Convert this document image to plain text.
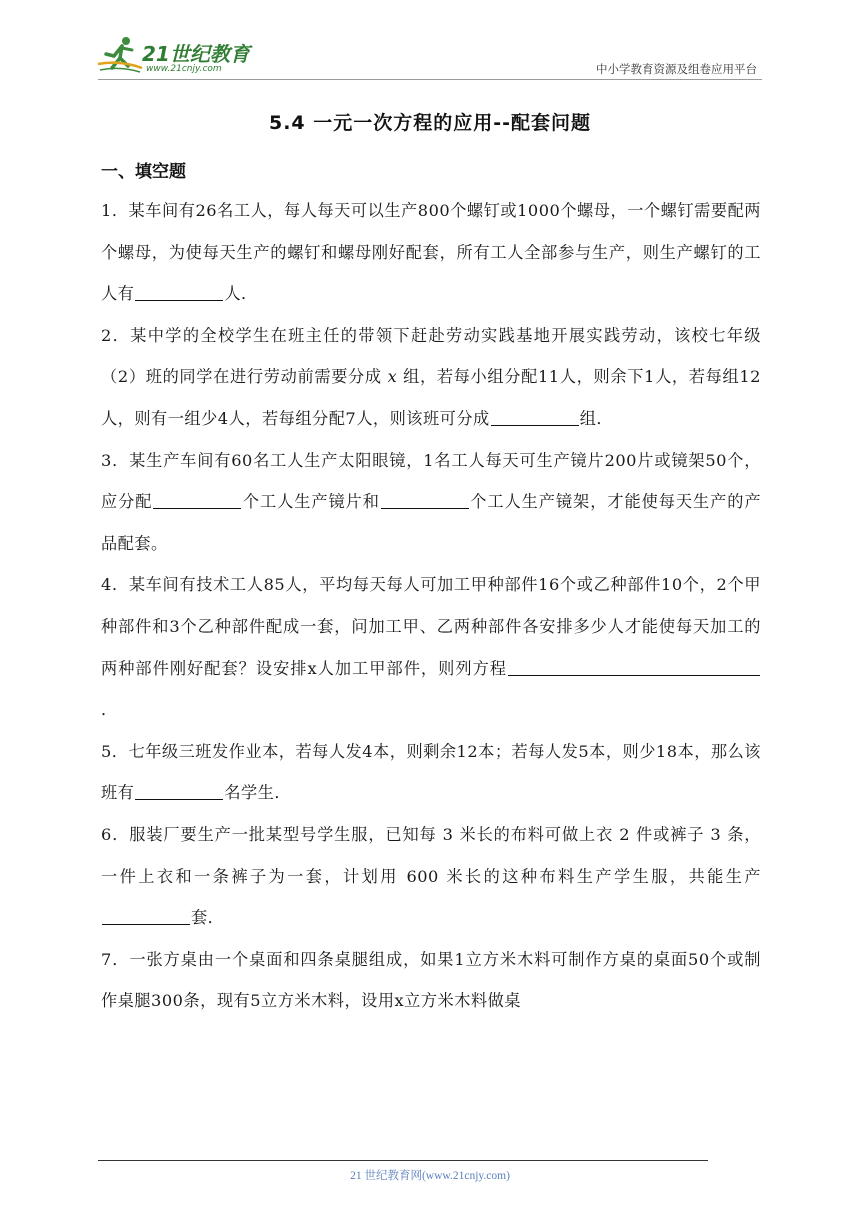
21世纪教育
www.21cnjy.com	中小学教育资源及组卷应用平台
5.4 一元一次方程的应用--配套问题
一、填空题

1．某车间有26名工人，每人每天可以生产800个螺钉或1000个螺母，一个螺钉需要配两个螺母，为使每天生产的螺钉和螺母刚好配套，所有工人全部参与生产，则生产螺钉的工人有	人．

2．某中学的全校学生在班主任的带领下赶赴劳动实践基地开展实践劳动，该校七年级（2）班的同学在进行劳动前需要分成 x 组，若每小组分配11人，则余下1人，若每组12人，则有一组少4人，若每组分配7人，则该班可分成	组．

3．某生产车间有60名工人生产太阳眼镜，1名工人每天可生产镜片200片或镜架50个，应分配	个工人生产镜片和	个工人生产镜架，才能使每天生产的产品配套。

4．某车间有技术工人85人，平均每天每人可加工甲种部件16个或乙种部件10个，2个甲种部件和3个乙种部件配成一套，问加工甲、乙两种部件各安排多少人才能使每天加工的两种部件刚好配套？设安排x人加工甲部件，则列方程．

5．七年级三班发作业本，若每人发4本，则剩余12本；若每人发5本，则少18本，那么该班有	名学生．

6．服装厂要生产一批某型号学生服，已知每 3 米长的布料可做上衣 2 件或裤子 3 条，一件上衣和一条裤子为一套，计划用 600 米长的这种布料生产学生服，共能生产套．

7．一张方桌由一个桌面和四条桌腿组成，如果1立方米木料可制作方桌的桌面50个或制作桌腿300条，现有5立方米木料，设用x立方米木料做桌

21 世纪教育网(www.21cnjy.com)
